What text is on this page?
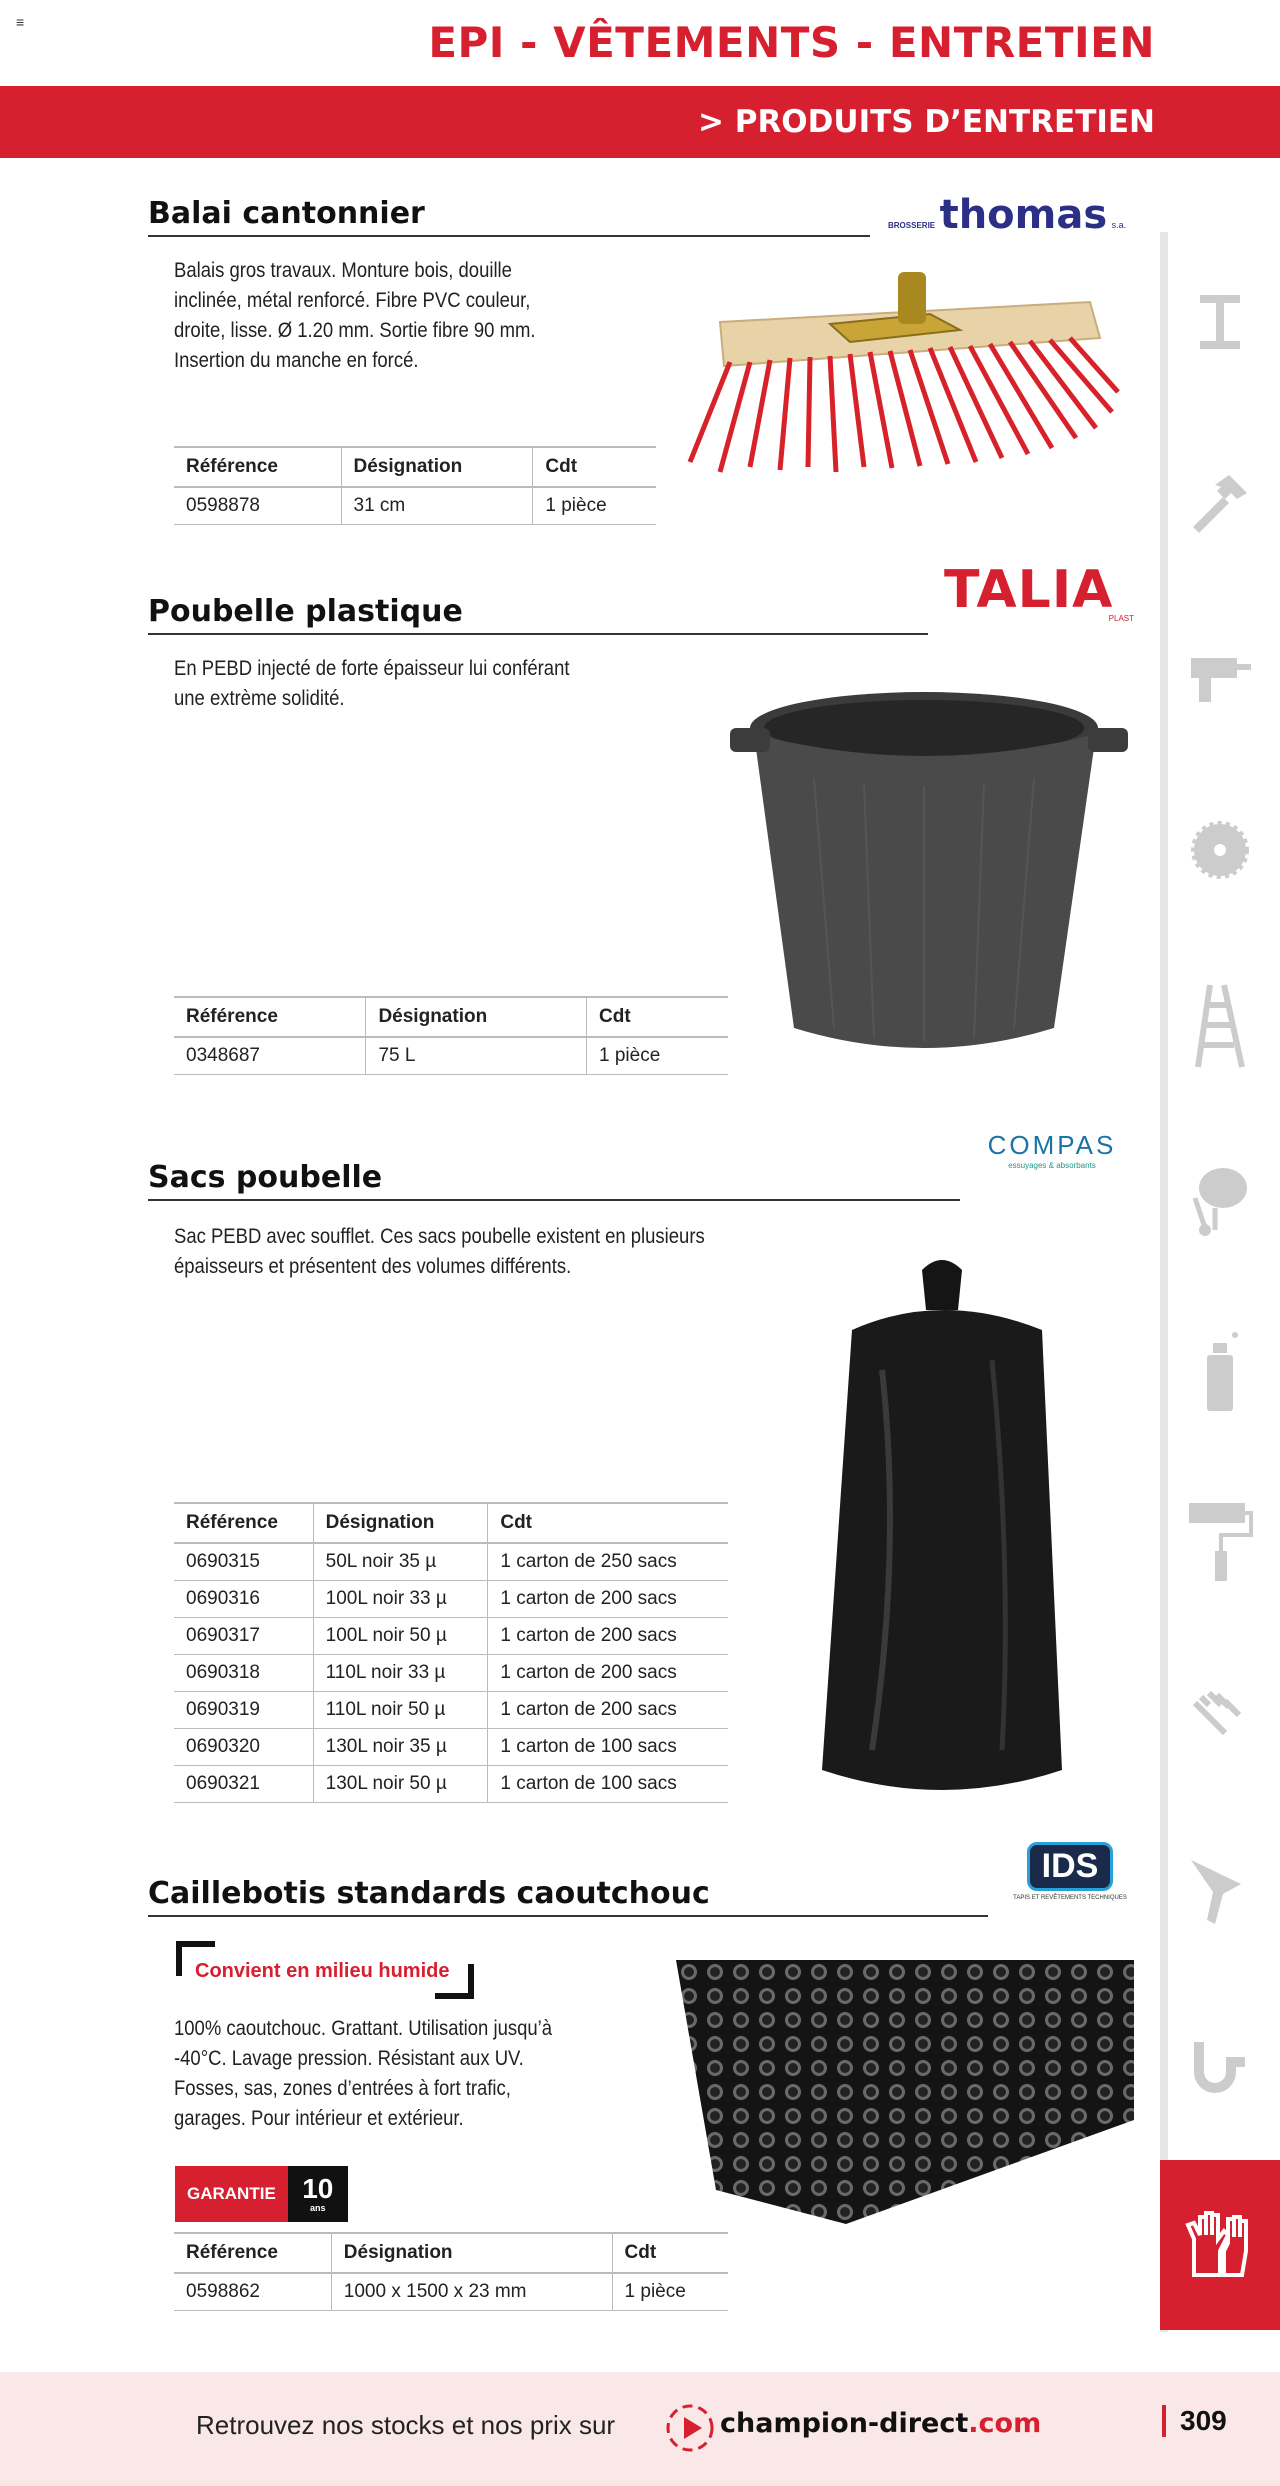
≡	EPI - VÊTEMENTS - ENTRETIEN
> PRODUITS D’ENTRETIEN
Balai cantonnier	BROSSERIE thomas s.a.
Balais gros travaux. Monture bois, douille
inclinée, métal renforcé. Fibre PVC couleur,
droite, lisse. Ø 1.20 mm. Sortie fibre 90 mm.
Insertion du manche en forcé.
Référence	Désignation	Cdt
0598878	31 cm	1 pièce
Poubelle plastique	TALIA
PLAST
En PEBD injecté de forte épaisseur lui conférant
une extrème solidité.
Référence	Désignation	Cdt
0348687	75 L	1 pièce
Sacs poubelle
COMPAS
essuyages & absorbants
Sac PEBD avec soufflet. Ces sacs poubelle existent en plusieurs
épaisseurs et présentent des volumes différents.
Référence	Désignation	Cdt
0690315	50L noir 35 µ	1 carton de 250 sacs
0690316	100L noir 33 µ	1 carton de 200 sacs
0690317	100L noir 50 µ	1 carton de 200 sacs
0690318	110L noir 33 µ	1 carton de 200 sacs
0690319	110L noir 50 µ	1 carton de 200 sacs
0690320	130L noir 35 µ	1 carton de 100 sacs
0690321	130L noir 50 µ	1 carton de 100 sacs
Caillebotis standards caoutchouc
IDS
TAPIS ET REVÊTEMENTS TECHNIQUES
Convient en milieu humide
100% caoutchouc. Grattant. Utilisation jusqu’à
-40°C. Lavage pression. Résistant aux UV.
Fosses, sas, zones d’entrées à fort trafic,
garages. Pour intérieur et extérieur.
GARANTIE 10
ans
Référence	Désignation	Cdt
0598862	1000 x 1500 x 23 mm	1 pièce
Retrouvez nos stocks et nos prix sur	champion-direct.com	309
